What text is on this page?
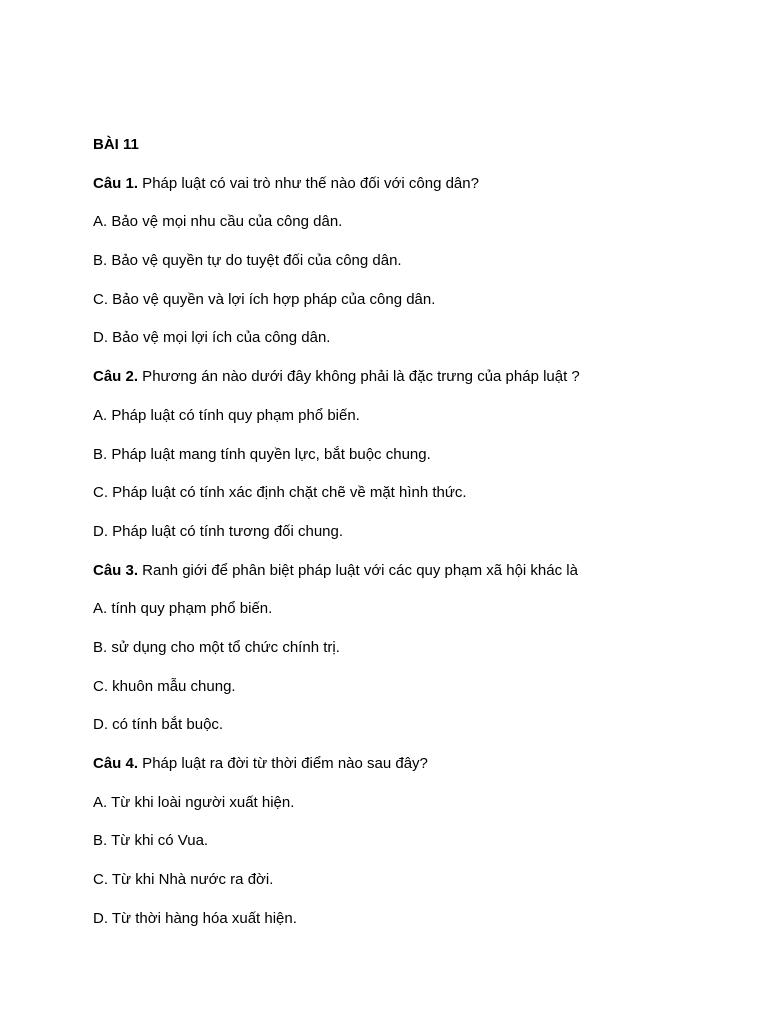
BÀI 11
Câu 1. Pháp luật có vai trò như thế nào đối với công dân?
A. Bảo vệ mọi nhu cầu của công dân.
B. Bảo vệ quyền tự do tuyệt đối của công dân.
C. Bảo vệ quyền và lợi ích hợp pháp của công dân.
D. Bảo vệ mọi lợi ích của công dân.
Câu 2. Phương án nào dưới đây không phải là đặc trưng của pháp luật ?
A. Pháp luật có tính quy phạm phổ biến.
B. Pháp luật mang tính quyền lực, bắt buộc chung.
C. Pháp luật có tính xác định chặt chẽ về mặt hình thức.
D. Pháp luật có tính tương đối chung.
Câu 3. Ranh giới để phân biệt pháp luật với các quy phạm xã hội khác là
A. tính quy phạm phổ biến.
B. sử dụng cho một tổ chức chính trị.
C. khuôn mẫu chung.
D. có tính bắt buộc.
Câu 4. Pháp luật ra đời từ thời điểm nào sau đây?
A. Từ khi loài người xuất hiện.
B. Từ khi có Vua.
C. Từ khi Nhà nước ra đời.
D. Từ thời hàng hóa xuất hiện.
